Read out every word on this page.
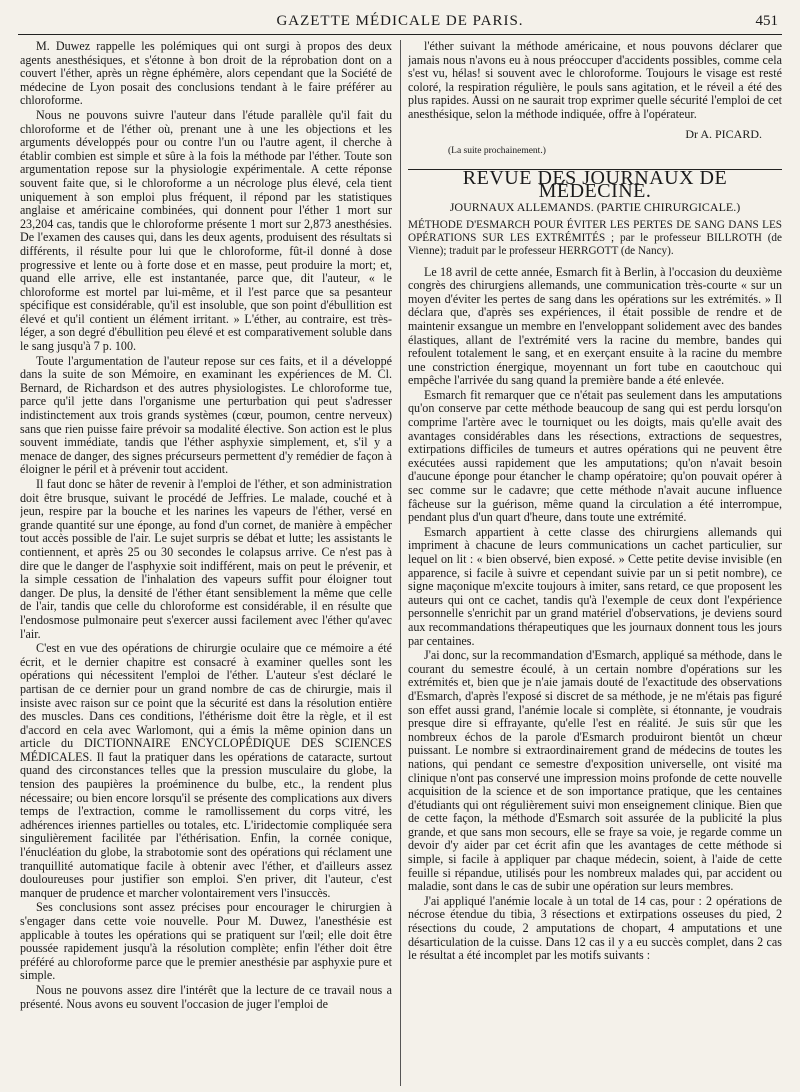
GAZETTE MÉDICALE DE PARIS.	451

M. Duwez rappelle les polémiques qui ont surgi à propos des deux agents anesthésiques, et s'étonne à bon droit de la réprobation dont on a couvert l'éther, après un règne éphémère, alors cependant que la Société de médecine de Lyon posait des conclusions tendant à le faire préférer au chloroforme.

Nous ne pouvons suivre l'auteur dans l'étude parallèle qu'il fait du chloroforme et de l'éther où, prenant une à une les objections et les arguments développés pour ou contre l'un ou l'autre agent, il cherche à établir combien est simple et sûre à la fois la méthode par l'éther. Toute son argumentation repose sur la physiologie expérimentale. A cette réponse souvent faite que, si le chloroforme a un nécrologe plus élevé, cela tient uniquement à son emploi plus fréquent, il répond par les statistiques anglaise et américaine combinées, qui donnent pour l'éther 1 mort sur 23,204 cas, tandis que le chloroforme présente 1 mort sur 2,873 anesthésies. De l'examen des causes qui, dans les deux agents, produisent des résultats si différents, il résulte pour lui que le chloroforme, fût-il donné à dose progressive et lente ou à forte dose et en masse, peut produire la mort; et, quand elle arrive, elle est instantanée, parce que, dit l'auteur, « le chloroforme est mortel par lui-même, et il l'est parce que sa pesanteur spécifique est considérable, qu'il est insoluble, que son point d'ébullition est élevé et qu'il contient un élément irritant. » L'éther, au contraire, est très-léger, a son degré d'ébullition peu élevé et est comparativement soluble dans le sang jusqu'à 7 p. 100.

Toute l'argumentation de l'auteur repose sur ces faits, et il a développé dans la suite de son Mémoire, en examinant les expériences de M. Cl. Bernard, de Richardson et des autres physiologistes. Le chloroforme tue, parce qu'il jette dans l'organisme une perturbation qui peut s'adresser indistinctement aux trois grands systèmes (cœur, poumon, centre nerveux) sans que rien puisse faire prévoir sa modalité élective. Son action est le plus souvent immédiate, tandis que l'éther asphyxie simplement, et, s'il y a menace de danger, des signes précurseurs permettent d'y remédier de façon à éloigner le péril et à prévenir tout accident.

Il faut donc se hâter de revenir à l'emploi de l'éther, et son administration doit être brusque, suivant le procédé de Jeffries. Le malade, couché et à jeun, respire par la bouche et les narines les vapeurs de l'éther, versé en grande quantité sur une éponge, au fond d'un cornet, de manière à empêcher tout accès possible de l'air. Le sujet surpris se débat et lutte; les assistants le contiennent, et après 25 ou 30 secondes le colapsus arrive. Ce n'est pas à dire que le danger de l'asphyxie soit indifférent, mais on peut le prévenir, et la simple cessation de l'inhalation des vapeurs suffit pour éloigner tout danger. De plus, la densité de l'éther étant sensiblement la même que celle de l'air, tandis que celle du chloroforme est considérable, il en résulte que l'endosmose pulmonaire peut s'exercer aussi facilement avec l'éther qu'avec l'air.

C'est en vue des opérations de chirurgie oculaire que ce mémoire a été écrit, et le dernier chapitre est consacré à examiner quelles sont les opérations qui nécessitent l'emploi de l'éther. L'auteur s'est déclaré le partisan de ce dernier pour un grand nombre de cas de chirurgie, mais il insiste avec raison sur ce point que la sécurité est dans la résolution entière des muscles. Dans ces conditions, l'éthérisme doit être la règle, et il est d'accord en cela avec Warlomont, qui a émis la même opinion dans un article du DICTIONNAIRE ENCYCLOPÉDIQUE DES SCIENCES MÉDICALES. Il faut la pratiquer dans les opérations de cataracte, surtout quand des circonstances telles que la pression musculaire du globe, la tension des paupières la proéminence du bulbe, etc., la rendent plus nécessaire; ou bien encore lorsqu'il se présente des complications aux divers temps de l'extraction, comme le ramollissement du corps vitré, les adhérences iriennes partielles ou totales, etc. L'iridectomie compliquée sera singulièrement facilitée par l'éthérisation. Enfin, la cornée conique, l'énucléation du globe, la strabotomie sont des opérations qui réclament une tranquillité automatique facile à obtenir avec l'éther, et d'ailleurs assez douloureuses pour justifier son emploi. S'en priver, dit l'auteur, c'est manquer de prudence et marcher volontairement vers l'insuccès.

Ses conclusions sont assez précises pour encourager le chirurgien à s'engager dans cette voie nouvelle. Pour M. Duwez, l'anesthésie est applicable à toutes les opérations qui se pratiquent sur l'œil; elle doit être poussée rapidement jusqu'à la résolution complète; enfin l'éther doit être préféré au chloroforme parce que le premier anesthésie par asphyxie pure et simple.

Nous ne pouvons assez dire l'intérêt que la lecture de ce travail nous a présenté. Nous avons eu souvent l'occasion de juger l'emploi de

l'éther suivant la méthode américaine, et nous pouvons déclarer que jamais nous n'avons eu à nous préoccuper d'accidents possibles, comme cela s'est vu, hélas! si souvent avec le chloroforme. Toujours le visage est resté coloré, la respiration régulière, le pouls sans agitation, et le réveil a été des plus rapides. Aussi on ne saurait trop exprimer quelle sécurité l'emploi de cet anesthésique, selon la méthode indiquée, offre à l'opérateur.

Dr A. PICARD.
(La suite prochainement.)
REVUE DES JOURNAUX DE MÉDECINE.
JOURNAUX ALLEMANDS. (PARTIE CHIRURGICALE.)
MÉTHODE D'ESMARCH POUR ÉVITER LES PERTES DE SANG DANS LES OPÉRATIONS SUR LES EXTRÉMITÉS ; par le professeur BILLROTH (de Vienne); traduit par le professeur HERRGOTT (de Nancy).

Le 18 avril de cette année, Esmarch fit à Berlin, à l'occasion du deuxième congrès des chirurgiens allemands, une communication très-courte « sur un moyen d'éviter les pertes de sang dans les opérations sur les extrémités. » Il déclara que, d'après ses expériences, il était possible de rendre et de maintenir exsangue un membre en l'enveloppant solidement avec des bandes élastiques, allant de l'extrémité vers la racine du membre, bandes qui refoulent totalement le sang, et en exerçant ensuite à la racine du membre une constriction énergique, moyennant un fort tube en caoutchouc qui empêche l'arrivée du sang quand la première bande a été enlevée.

Esmarch fit remarquer que ce n'était pas seulement dans les amputations qu'on conserve par cette méthode beaucoup de sang qui est perdu lorsqu'on comprime l'artère avec le tourniquet ou les doigts, mais qu'elle avait des avantages considérables dans les résections, extractions de sequestres, extirpations difficiles de tumeurs et autres opérations qui ne peuvent être exécutées aussi rapidement que les amputations; qu'on n'avait besoin d'aucune éponge pour étancher le champ opératoire; qu'on pouvait opérer à sec comme sur le cadavre; que cette méthode n'avait aucune influence fâcheuse sur la guérison, même quand la circulation a été interrompue, pendant plus d'un quart d'heure, dans toute une extrémité.

Esmarch appartient à cette classe des chirurgiens allemands qui impriment à chacune de leurs communications un cachet particulier, sur lequel on lit : « bien observé, bien exposé. » Cette petite devise invisible (en apparence, si facile à suivre et cependant suivie par un si petit nombre), ce signe maçonique m'excite toujours à imiter, sans retard, ce que proposent les auteurs qui ont ce cachet, tandis qu'à l'exemple de ceux dont l'expérience personnelle s'enrichit par un grand matériel d'observations, je deviens sourd aux recommandations thérapeutiques que les journaux donnent tous les jours par centaines.

J'ai donc, sur la recommandation d'Esmarch, appliqué sa méthode, dans le courant du semestre écoulé, à un certain nombre d'opérations sur les extrémités et, bien que je n'aie jamais douté de l'exactitude des observations d'Esmarch, d'après l'exposé si discret de sa méthode, je ne m'étais pas figuré son effet aussi grand, l'anémie locale si complète, si étonnante, je voudrais presque dire si effrayante, qu'elle l'est en réalité. Je suis sûr que les nombreux échos de la parole d'Esmarch produiront bientôt un chœur puissant. Le nombre si extraordinairement grand de médecins de toutes les nations, qui pendant ce semestre d'exposition universelle, ont visité ma clinique n'ont pas conservé une impression moins profonde de cette nouvelle acquisition de la science et de son importance pratique, que les centaines d'étudiants qui ont régulièrement suivi mon enseignement clinique. Bien que de cette façon, la méthode d'Esmarch soit assurée de la publicité la plus grande, et que sans mon secours, elle se fraye sa voie, je regarde comme un devoir d'y aider par cet écrit afin que les avantages de cette méthode si simple, si facile à appliquer par chaque médecin, soient, à l'aide de cette feuille si répandue, utilisés pour les nombreux malades qui, par accident ou maladie, sont dans le cas de subir une opération sur leurs membres.

J'ai appliqué l'anémie locale à un total de 14 cas, pour : 2 opérations de nécrose étendue du tibia, 3 résections et extirpations osseuses du pied, 2 résections du coude, 2 amputations de chopart, 4 amputations et une désarticulation de la cuisse. Dans 12 cas il y a eu succès complet, dans 2 cas le résultat a été incomplet par les motifs suivants :
